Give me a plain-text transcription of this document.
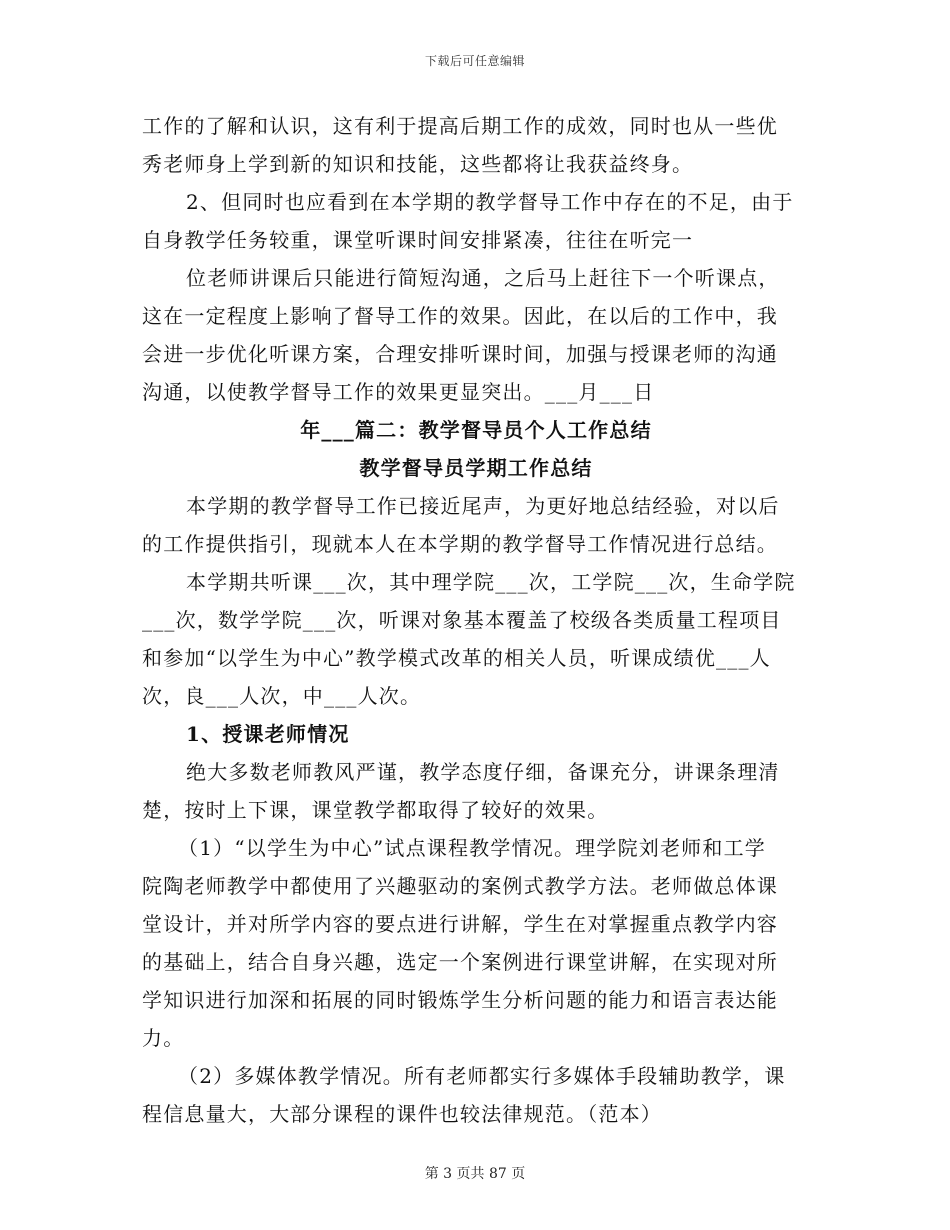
下载后可任意编辑
工作的了解和认识，这有利于提高后期工作的成效，同时也从一些优
秀老师身上学到新的知识和技能，这些都将让我获益终身。
2、但同时也应看到在本学期的教学督导工作中存在的不足，由于
自身教学任务较重，课堂听课时间安排紧凑，往往在听完一
位老师讲课后只能进行简短沟通，之后马上赶往下一个听课点，
这在一定程度上影响了督导工作的效果。因此，在以后的工作中，我
会进一步优化听课方案，合理安排听课时间，加强与授课老师的沟通
沟通，以使教学督导工作的效果更显突出。___月___日
年___篇二：教学督导员个人工作总结
教学督导员学期工作总结
本学期的教学督导工作已接近尾声，为更好地总结经验，对以后
的工作提供指引，现就本人在本学期的教学督导工作情况进行总结。
本学期共听课___次，其中理学院___次，工学院___次，生命学院
___次，数学学院___次，听课对象基本覆盖了校级各类质量工程项目
和参加“以学生为中心”教学模式改革的相关人员，听课成绩优___人
次，良___人次，中___人次。
1、授课老师情况
绝大多数老师教风严谨，教学态度仔细，备课充分，讲课条理清
楚，按时上下课，课堂教学都取得了较好的效果。
（1）“以学生为中心”试点课程教学情况。理学院刘老师和工学
院陶老师教学中都使用了兴趣驱动的案例式教学方法。老师做总体课
堂设计，并对所学内容的要点进行讲解，学生在对掌握重点教学内容
的基础上，结合自身兴趣，选定一个案例进行课堂讲解，在实现对所
学知识进行加深和拓展的同时锻炼学生分析问题的能力和语言表达能
力。
（2）多媒体教学情况。所有老师都实行多媒体手段辅助教学，课
程信息量大，大部分课程的课件也较法律规范。（范本）
第 3 页共 87 页
